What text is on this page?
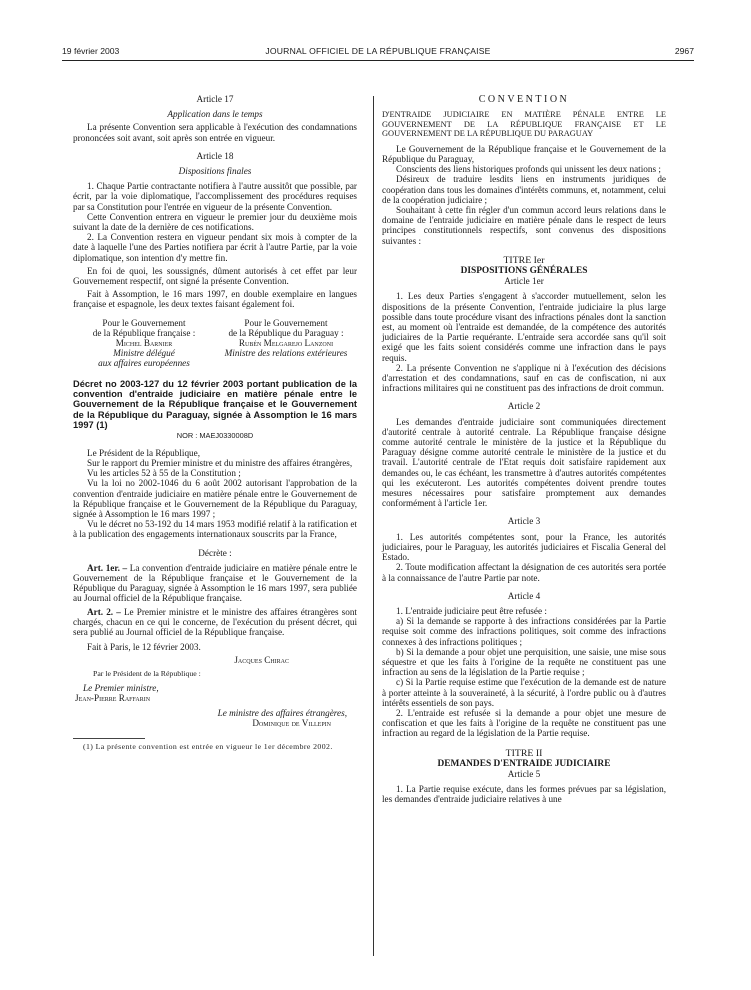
19 février 2003	JOURNAL OFFICIEL DE LA RÉPUBLIQUE FRANÇAISE	2967
Article 17
Application dans le temps

La présente Convention sera applicable à l'exécution des condamnations prononcées soit avant, soit après son entrée en vigueur.

Article 18
Dispositions finales

1. Chaque Partie contractante notifiera à l'autre aussitôt que possible, par écrit, par la voie diplomatique, l'accomplissement des procédures requises par sa Constitution pour l'entrée en vigueur de la présente Convention.

Cette Convention entrera en vigueur le premier jour du deuxième mois suivant la date de la dernière de ces notifications.

2. La Convention restera en vigueur pendant six mois à compter de la date à laquelle l'une des Parties notifiera par écrit à l'autre Partie, par la voie diplomatique, son intention d'y mettre fin.

En foi de quoi, les soussignés, dûment autorisés à cet effet par leur Gouvernement respectif, ont signé la présente Convention.

Fait à Assomption, le 16 mars 1997, en double exemplaire en langues française et espagnole, les deux textes faisant également foi.

Pour le Gouvernement
de la République française :
Michel Barnier
Ministre délégué
aux affaires européennes
Pour le Gouvernement
de la République du Paraguay :
Rubén Melgarejo Lanzoni
Ministre des relations extérieures

Décret no 2003-127 du 12 février 2003 portant publication de la convention d'entraide judiciaire en matière pénale entre le Gouvernement de la République française et le Gouvernement de la République du Paraguay, signée à Assomption le 16 mars 1997 (1)

NOR : MAEJ0330008D

Le Président de la République,

Sur le rapport du Premier ministre et du ministre des affaires étrangères,

Vu les articles 52 à 55 de la Constitution ;

Vu la loi no 2002-1046 du 6 août 2002 autorisant l'approbation de la convention d'entraide judiciaire en matière pénale entre le Gouvernement de la République française et le Gouvernement de la République du Paraguay, signée à Assomption le 16 mars 1997 ;

Vu le décret no 53-192 du 14 mars 1953 modifié relatif à la ratification et à la publication des engagements internationaux souscrits par la France,

Décrète :

Art. 1er. – La convention d'entraide judiciaire en matière pénale entre le Gouvernement de la République française et le Gouvernement de la République du Paraguay, signée à Assomption le 16 mars 1997, sera publiée au Journal officiel de la République française.

Art. 2. – Le Premier ministre et le ministre des affaires étrangères sont chargés, chacun en ce qui le concerne, de l'exécution du présent décret, qui sera publié au Journal officiel de la République française.

Fait à Paris, le 12 février 2003.

Jacques Chirac
Par le Président de la République :
Le Premier ministre,
Jean-Pierre Raffarin
Le ministre des affaires étrangères,
Dominique de Villepin

(1) La présente convention est entrée en vigueur le 1er décembre 2002.

CONVENTION

D'ENTRAIDE JUDICIAIRE EN MATIÈRE PÉNALE ENTRE LE GOUVERNEMENT DE LA RÉPUBLIQUE FRANÇAISE ET LE GOUVERNEMENT DE LA RÉPUBLIQUE DU PARAGUAY

Le Gouvernement de la République française et le Gouvernement de la République du Paraguay,

Conscients des liens historiques profonds qui unissent les deux nations ;

Désireux de traduire lesdits liens en instruments juridiques de coopération dans tous les domaines d'intérêts communs, et, notamment, celui de la coopération judiciaire ;

Souhaitant à cette fin régler d'un commun accord leurs relations dans le domaine de l'entraide judiciaire en matière pénale dans le respect de leurs principes constitutionnels respectifs, sont convenus des dispositions suivantes :

TITRE Ier
DISPOSITIONS GÉNÉRALES
Article 1er

1. Les deux Parties s'engagent à s'accorder mutuellement, selon les dispositions de la présente Convention, l'entraide judiciaire la plus large possible dans toute procédure visant des infractions pénales dont la sanction est, au moment où l'entraide est demandée, de la compétence des autorités judiciaires de la Partie requérante. L'entraide sera accordée sans qu'il soit exigé que les faits soient considérés comme une infraction dans le pays requis.

2. La présente Convention ne s'applique ni à l'exécution des décisions d'arrestation et des condamnations, sauf en cas de confiscation, ni aux infractions militaires qui ne constituent pas des infractions de droit commun.

Article 2

Les demandes d'entraide judiciaire sont communiquées directement d'autorité centrale à autorité centrale. La République française désigne comme autorité centrale le ministère de la justice et la République du Paraguay désigne comme autorité centrale le ministère de la justice et du travail. L'autorité centrale de l'Etat requis doit satisfaire rapidement aux demandes ou, le cas échéant, les transmettre à d'autres autorités compétentes qui les exécuteront. Les autorités compétentes doivent prendre toutes mesures nécessaires pour satisfaire promptement aux demandes conformément à l'article 1er.

Article 3

1. Les autorités compétentes sont, pour la France, les autorités judiciaires, pour le Paraguay, les autorités judiciaires et Fiscalia General del Estado.

2. Toute modification affectant la désignation de ces autorités sera portée à la connaissance de l'autre Partie par note.

Article 4

1. L'entraide judiciaire peut être refusée :

a) Si la demande se rapporte à des infractions considérées par la Partie requise soit comme des infractions politiques, soit comme des infractions connexes à des infractions politiques ;

b) Si la demande a pour objet une perquisition, une saisie, une mise sous séquestre et que les faits à l'origine de la requête ne constituent pas une infraction au sens de la législation de la Partie requise ;

c) Si la Partie requise estime que l'exécution de la demande est de nature à porter atteinte à la souveraineté, à la sécurité, à l'ordre public ou à d'autres intérêts essentiels de son pays.

2. L'entraide est refusée si la demande a pour objet une mesure de confiscation et que les faits à l'origine de la requête ne constituent pas une infraction au regard de la législation de la Partie requise.

TITRE II
DEMANDES D'ENTRAIDE JUDICIAIRE
Article 5

1. La Partie requise exécute, dans les formes prévues par sa législation, les demandes d'entraide judiciaire relatives à une
